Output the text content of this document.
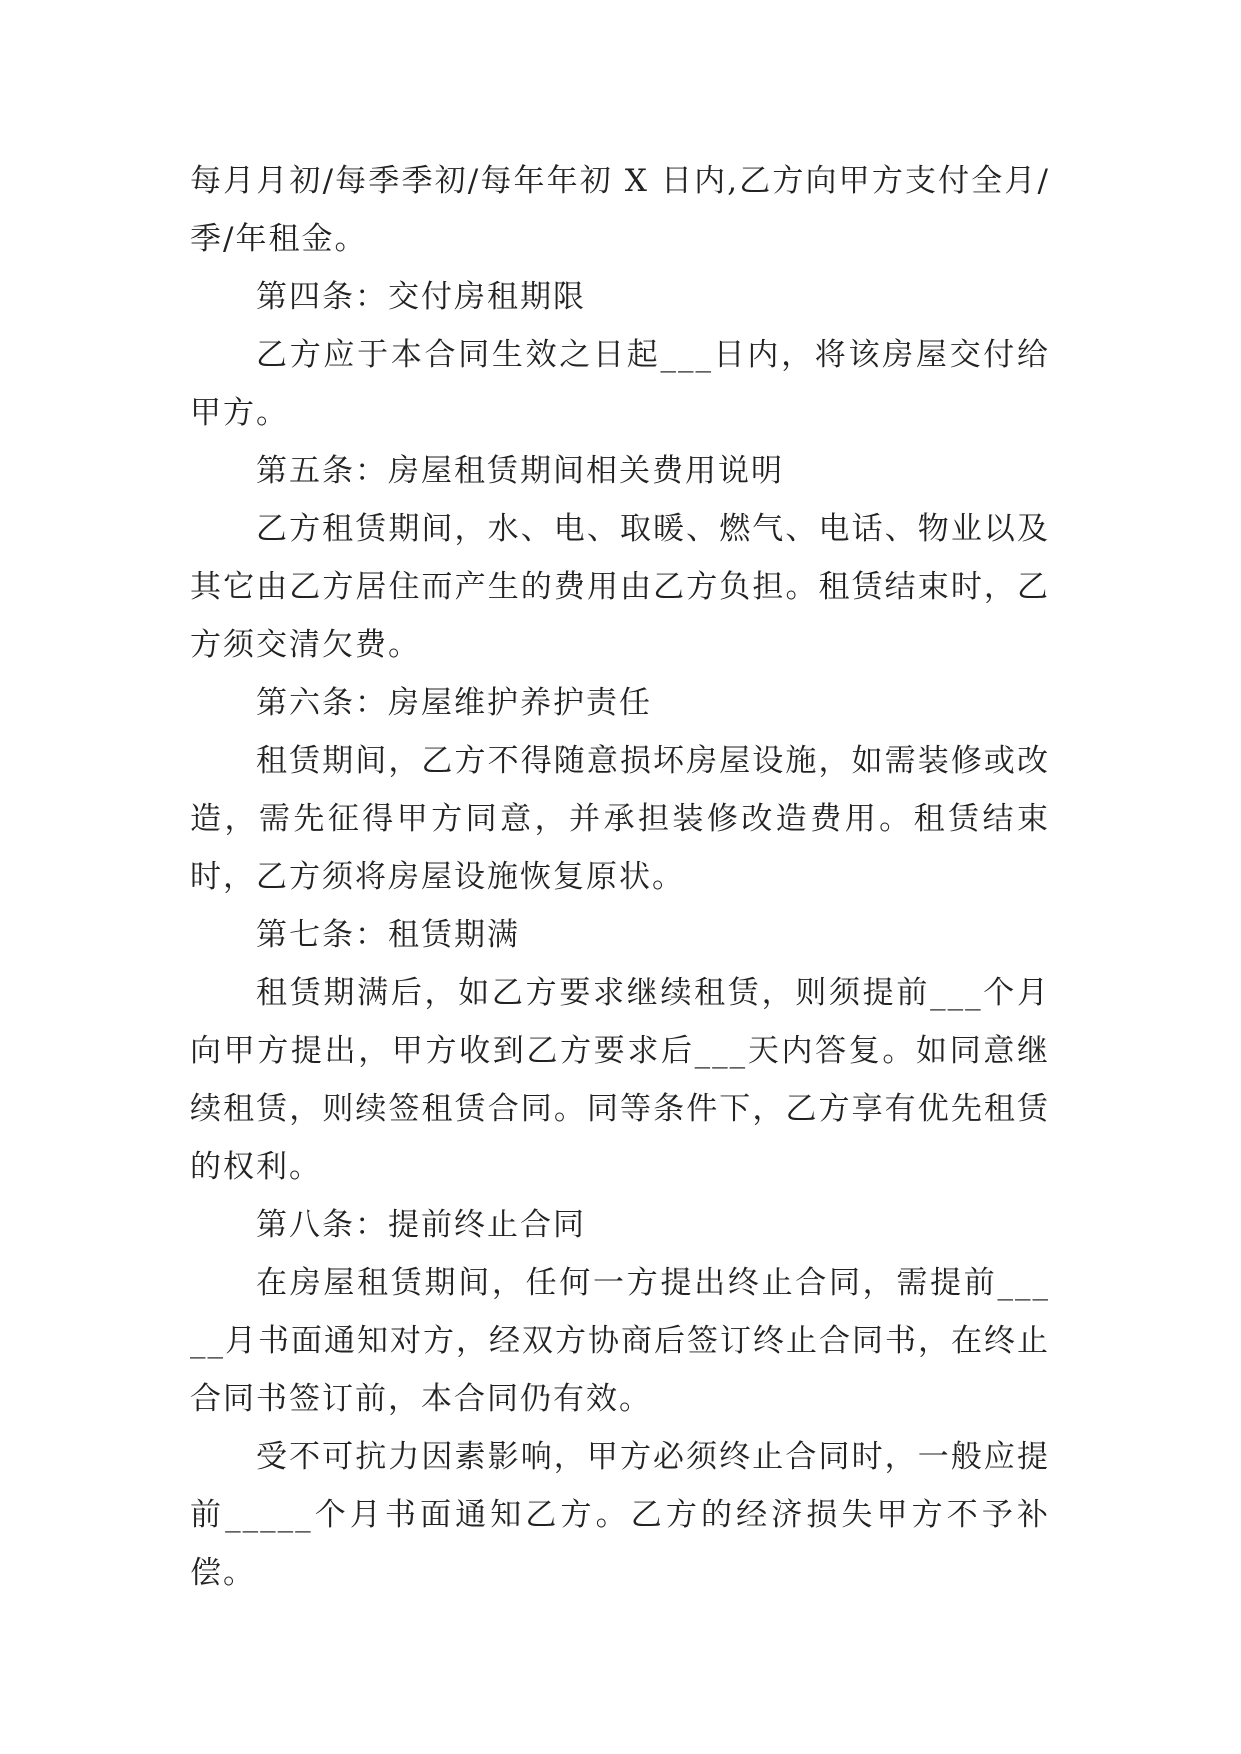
每月月初/每季季初/每年年初 X 日内,乙方向甲方支付全月/季/年租金。

第四条：交付房租期限

乙方应于本合同生效之日起___日内，将该房屋交付给甲方。

第五条：房屋租赁期间相关费用说明

乙方租赁期间，水、电、取暖、燃气、电话、物业以及其它由乙方居住而产生的费用由乙方负担。租赁结束时，乙方须交清欠费。

第六条：房屋维护养护责任

租赁期间，乙方不得随意损坏房屋设施，如需装修或改造，需先征得甲方同意，并承担装修改造费用。租赁结束时，乙方须将房屋设施恢复原状。

第七条：租赁期满

租赁期满后，如乙方要求继续租赁，则须提前___个月向甲方提出，甲方收到乙方要求后___天内答复。如同意继续租赁，则续签租赁合同。同等条件下，乙方享有优先租赁的权利。

第八条：提前终止合同

在房屋租赁期间，任何一方提出终止合同，需提前_____月书面通知对方，经双方协商后签订终止合同书，在终止合同书签订前，本合同仍有效。

受不可抗力因素影响，甲方必须终止合同时，一般应提前_____个月书面通知乙方。乙方的经济损失甲方不予补偿。
